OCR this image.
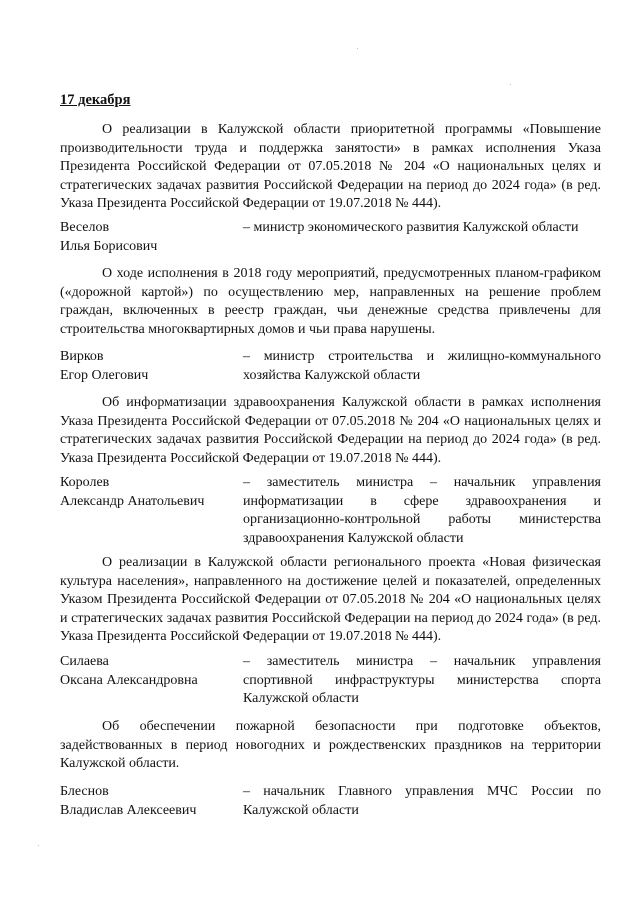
17 декабря
О реализации в Калужской области приоритетной программы «Повышение производительности труда и поддержка занятости» в рамках исполнения Указа Президента Российской Федерации от 07.05.2018 № 204 «О национальных целях и стратегических задачах развития Российской Федерации на период до 2024 года» (в ред. Указа Президента Российской Федерации от 19.07.2018 № 444).
Веселов
Илья Борисович
– министр экономического развития Калужской области
О ходе исполнения в 2018 году мероприятий, предусмотренных планом-графиком («дорожной картой») по осуществлению мер, направленных на решение проблем граждан, включенных в реестр граждан, чьи денежные средства привлечены для строительства многоквартирных домов и чьи права нарушены.
Вирков
Егор Олегович
– министр строительства и жилищно-коммунального хозяйства Калужской области
Об информатизации здравоохранения Калужской области в рамках исполнения Указа Президента Российской Федерации от 07.05.2018 № 204 «О национальных целях и стратегических задачах развития Российской Федерации на период до 2024 года» (в ред. Указа Президента Российской Федерации от 19.07.2018 № 444).
Королев
Александр Анатольевич
– заместитель министра – начальник управления информатизации в сфере здравоохранения и организационно-контрольной работы министерства здравоохранения Калужской области
О реализации в Калужской области регионального проекта «Новая физическая культура населения», направленного на достижение целей и показателей, определенных Указом Президента Российской Федерации от 07.05.2018 № 204 «О национальных целях и стратегических задачах развития Российской Федерации на период до 2024 года» (в ред. Указа Президента Российской Федерации от 19.07.2018 № 444).
Силаева
Оксана Александровна
– заместитель министра – начальник управления спортивной инфраструктуры министерства спорта Калужской области
Об обеспечении пожарной безопасности при подготовке объектов, задействованных в период новогодних и рождественских праздников на территории Калужской области.
Блеснов
Владислав Алексеевич
– начальник Главного управления МЧС России по Калужской области
